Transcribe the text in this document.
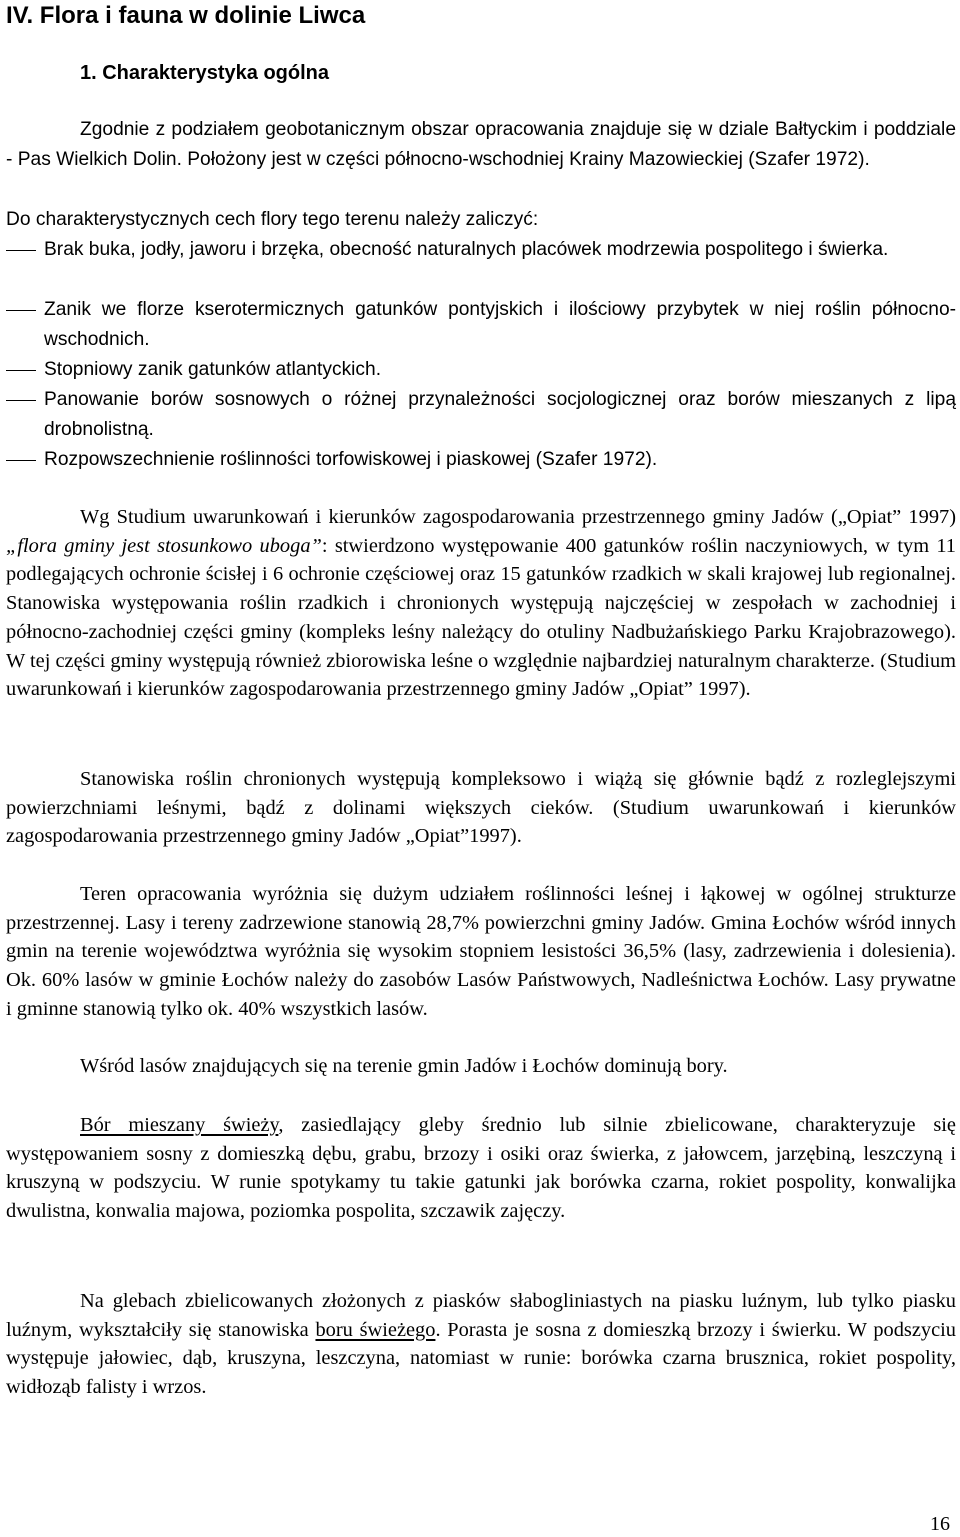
IV. Flora i fauna w dolinie Liwca
1. Charakterystyka ogólna

Zgodnie z podziałem geobotanicznym obszar opracowania znajduje się w dziale Bałtyckim i poddziale - Pas Wielkich Dolin. Położony jest w części północno-wschodniej Krainy Mazowieckiej (Szafer 1972).

Do charakterystycznych cech flory tego terenu należy zaliczyć:

Brak buka, jodły, jaworu i brzęka, obecność naturalnych placówek modrzewia pospolitego i świerka.

Zanik we florze kserotermicznych gatunków pontyjskich i ilościowy przybytek w niej roślin północno-wschodnich.

Stopniowy zanik gatunków atlantyckich.

Panowanie borów sosnowych o różnej przynależności socjologicznej oraz borów mieszanych z lipą drobnolistną.

Rozpowszechnienie roślinności torfowiskowej i piaskowej (Szafer 1972).

Wg Studium uwarunkowań i kierunków zagospodarowania przestrzennego gminy Jadów („Opiat” 1997) „flora gminy jest stosunkowo uboga”: stwierdzono występowanie 400 gatunków roślin naczyniowych, w tym 11 podlegających ochronie ścisłej i 6 ochronie częściowej oraz 15 gatunków rzadkich w skali krajowej lub regionalnej. Stanowiska występowania roślin rzadkich i chronionych występują najczęściej w zespołach w zachodniej i północno-zachodniej części gminy (kompleks leśny należący do otuliny Nadbużańskiego Parku Krajobrazowego). W tej części gminy występują również zbiorowiska leśne o względnie najbardziej naturalnym charakterze. (Studium uwarunkowań i kierunków zagospodarowania przestrzennego gminy Jadów „Opiat” 1997).

Stanowiska roślin chronionych występują kompleksowo i wiążą się głównie bądź z rozleglejszymi powierzchniami leśnymi, bądź z dolinami większych cieków. (Studium uwarunkowań i kierunków zagospodarowania przestrzennego gminy Jadów „Opiat”1997).

Teren opracowania wyróżnia się dużym udziałem roślinności leśnej i łąkowej w ogólnej strukturze przestrzennej. Lasy i tereny zadrzewione stanowią 28,7% powierzchni gminy Jadów. Gmina Łochów wśród innych gmin na terenie województwa wyróżnia się wysokim stopniem lesistości 36,5% (lasy, zadrzewienia i dolesienia). Ok. 60% lasów w gminie Łochów należy do zasobów Lasów Państwowych, Nadleśnictwa Łochów. Lasy prywatne i gminne stanowią tylko ok. 40% wszystkich lasów.

Wśród lasów znajdujących się na terenie gmin Jadów i Łochów dominują bory.

Bór mieszany świeży, zasiedlający gleby średnio lub silnie zbielicowane, charakteryzuje się występowaniem sosny z domieszką dębu, grabu, brzozy i osiki oraz świerka, z jałowcem, jarzębiną, leszczyną i kruszyną w podszyciu. W runie spotykamy tu takie gatunki jak borówka czarna, rokiet pospolity, konwalijka dwulistna, konwalia majowa, poziomka pospolita, szczawik zajęczy.

Na glebach zbielicowanych złożonych z piasków słabogliniastych na piasku luźnym, lub tylko piasku luźnym, wykształciły się stanowiska boru świeżego. Porasta je sosna z domieszką brzozy i świerku. W podszyciu występuje jałowiec, dąb, kruszyna, leszczyna, natomiast w runie: borówka czarna brusznica, rokiet pospolity, widłoząb falisty i wrzos.

16
